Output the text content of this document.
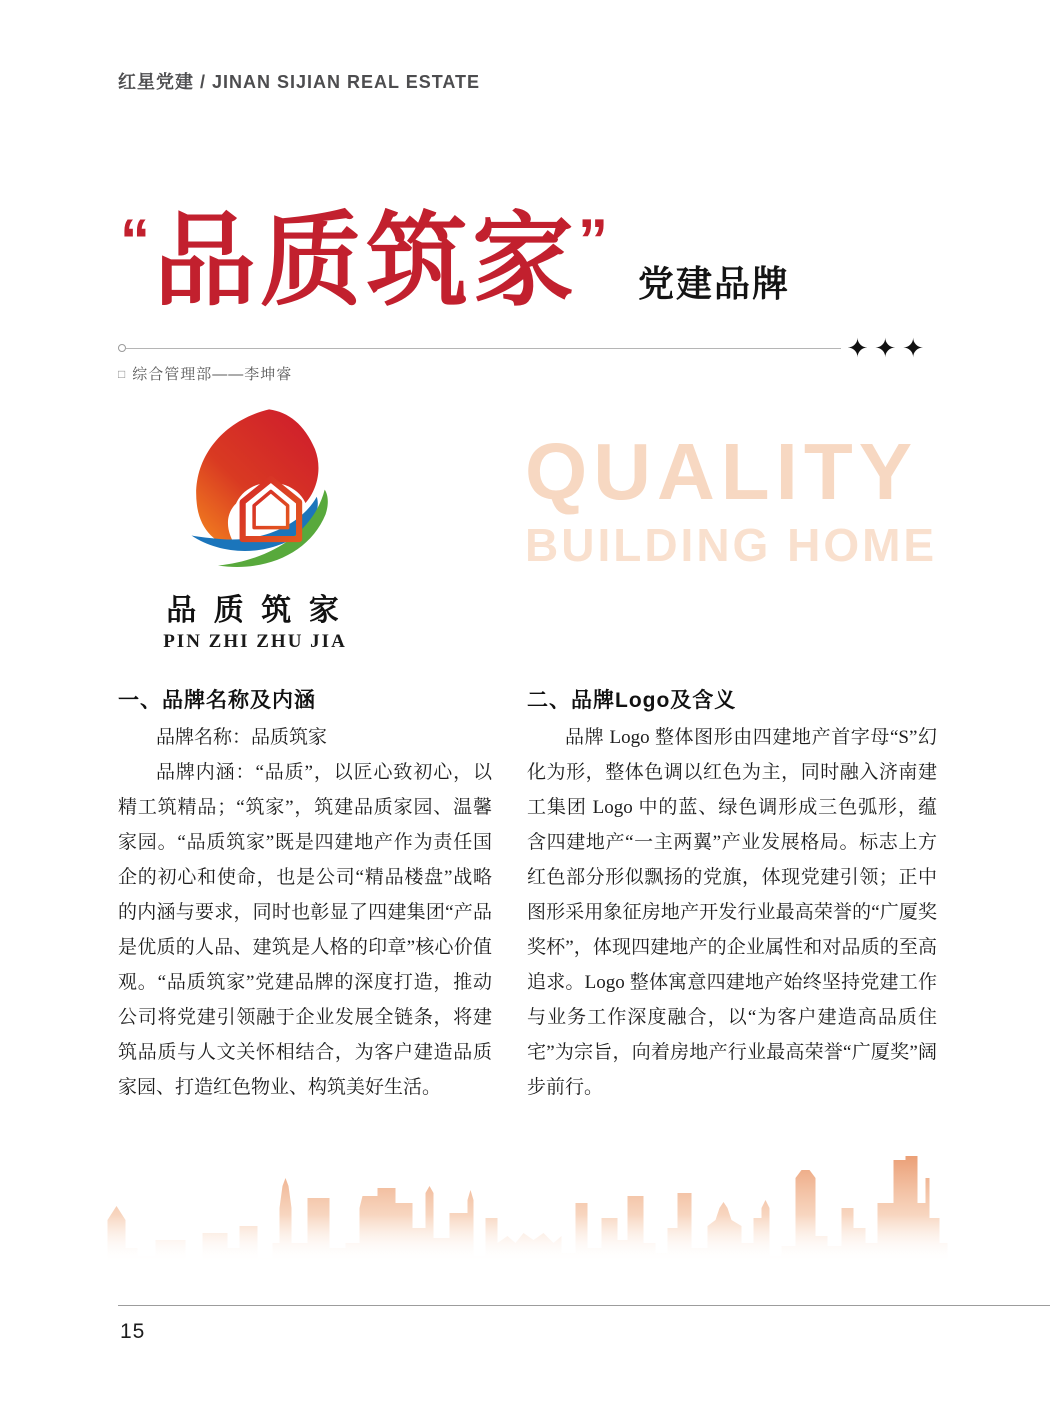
红星党建 / JINAN SIJIAN REAL ESTATE
“品质筑家”党建品牌
✦✦✦
□ 综合管理部——李坤睿
品 质 筑 家
PIN ZHI ZHU JIA
QUALITY
BUILDING HOME
一、品牌名称及内涵

品牌名称：品质筑家

品牌内涵：“品质”，以匠心致初心，以精工筑精品；“筑家”，筑建品质家园、温馨家园。“品质筑家”既是四建地产作为责任国企的初心和使命，也是公司“精品楼盘”战略的内涵与要求，同时也彰显了四建集团“产品是优质的人品、建筑是人格的印章”核心价值观。“品质筑家”党建品牌的深度打造，推动公司将党建引领融于企业发展全链条，将建筑品质与人文关怀相结合，为客户建造品质家园、打造红色物业、构筑美好生活。

二、品牌Logo及含义

品牌 Logo 整体图形由四建地产首字母“S”幻化为形，整体色调以红色为主，同时融入济南建工集团 Logo 中的蓝、绿色调形成三色弧形，蕴含四建地产“一主两翼”产业发展格局。标志上方红色部分形似飘扬的党旗，体现党建引领；正中图形采用象征房地产开发行业最高荣誉的“广厦奖奖杯”，体现四建地产的企业属性和对品质的至高追求。Logo 整体寓意四建地产始终坚持党建工作与业务工作深度融合，以“为客户建造高品质住宅”为宗旨，向着房地产行业最高荣誉“广厦奖”阔步前行。

15
